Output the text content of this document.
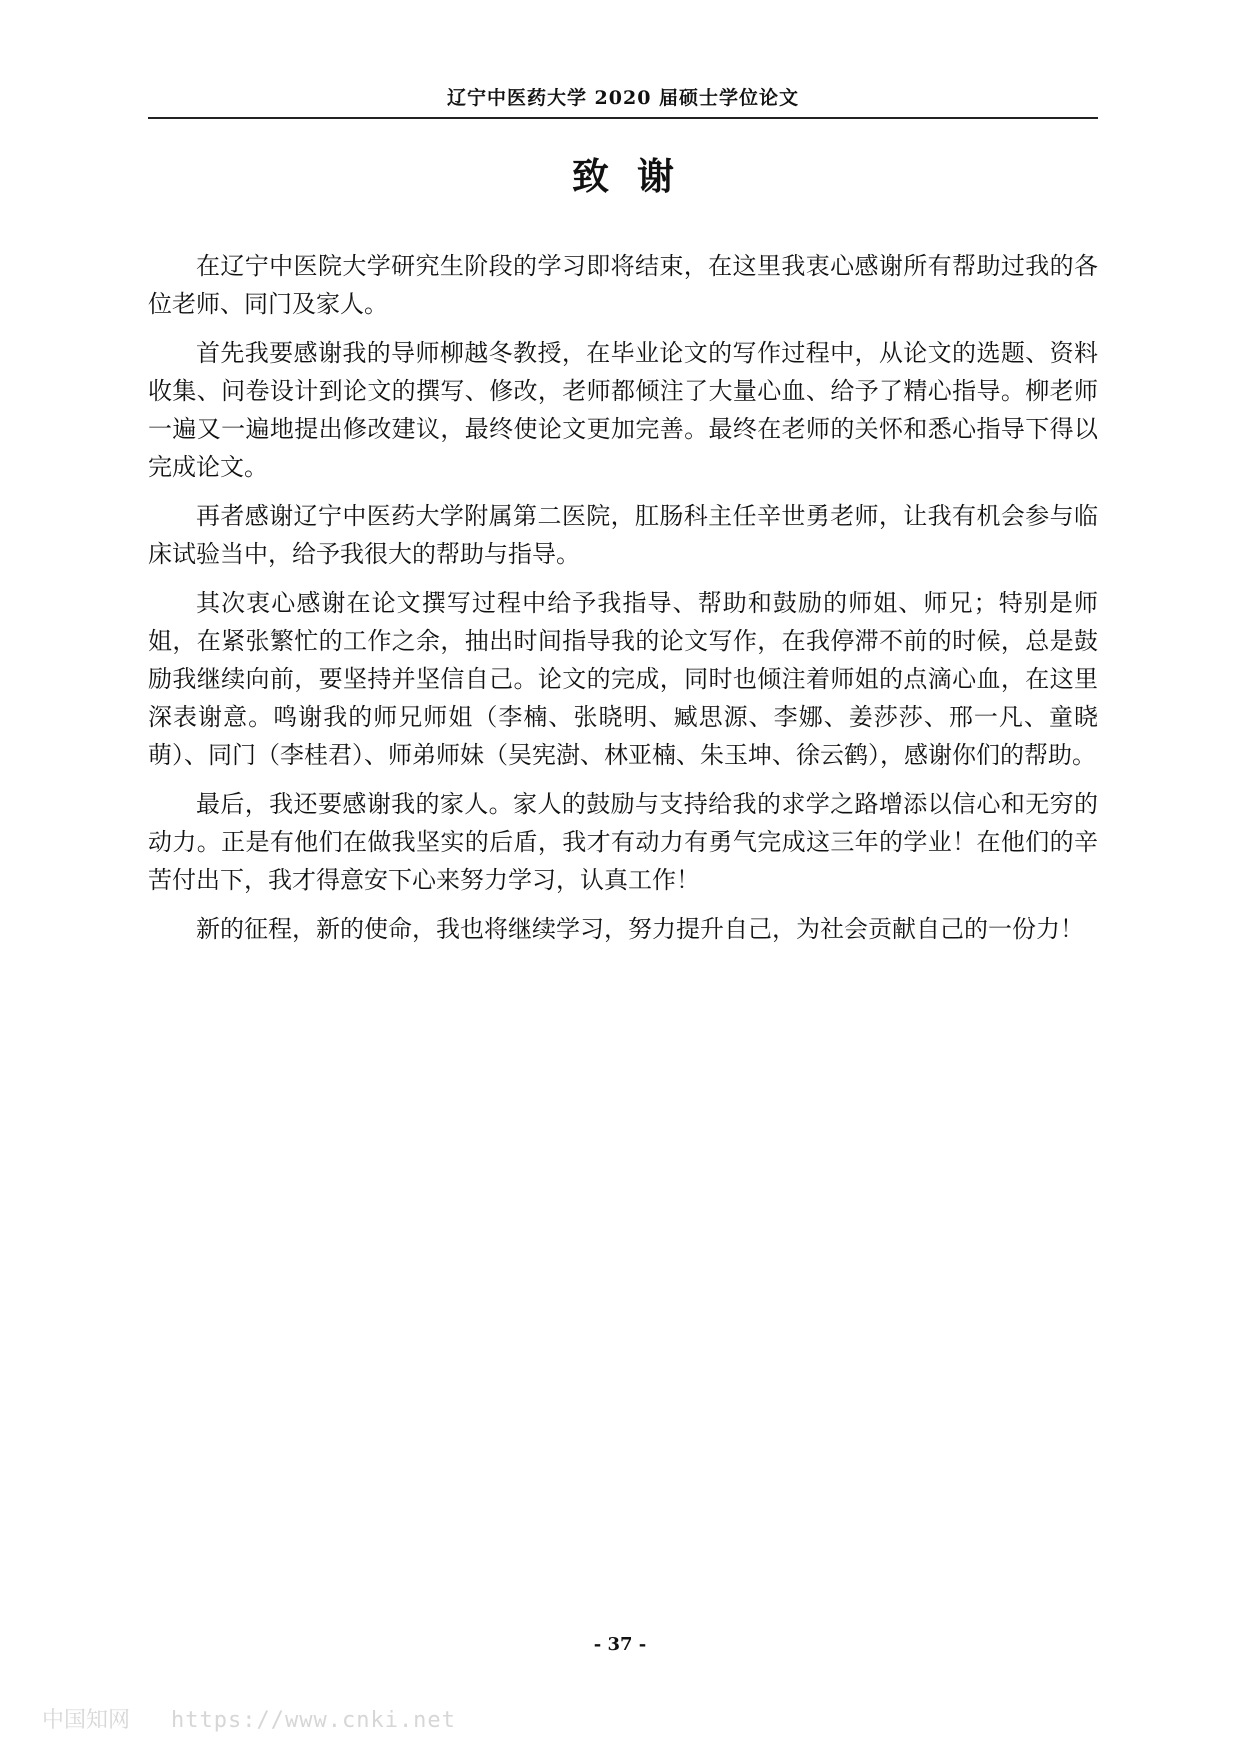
辽宁中医药大学 2020 届硕士学位论文
致谢

在辽宁中医院大学研究生阶段的学习即将结束，在这里我衷心感谢所有帮助过我的各位老师、同门及家人。

首先我要感谢我的导师柳越冬教授，在毕业论文的写作过程中，从论文的选题、资料收集、问卷设计到论文的撰写、修改，老师都倾注了大量心血、给予了精心指导。柳老师一遍又一遍地提出修改建议，最终使论文更加完善。最终在老师的关怀和悉心指导下得以完成论文。

再者感谢辽宁中医药大学附属第二医院，肛肠科主任辛世勇老师，让我有机会参与临床试验当中，给予我很大的帮助与指导。

其次衷心感谢在论文撰写过程中给予我指导、帮助和鼓励的师姐、师兄；特别是师姐，在紧张繁忙的工作之余，抽出时间指导我的论文写作，在我停滞不前的时候，总是鼓励我继续向前，要坚持并坚信自己。论文的完成，同时也倾注着师姐的点滴心血，在这里深表谢意。鸣谢我的师兄师姐（李楠、张晓明、臧思源、李娜、姜莎莎、邢一凡、童晓萌）、同门（李桂君）、师弟师妹（吴宪澍、林亚楠、朱玉坤、徐云鹤），感谢你们的帮助。

最后，我还要感谢我的家人。家人的鼓励与支持给我的求学之路增添以信心和无穷的动力。正是有他们在做我坚实的后盾，我才有动力有勇气完成这三年的学业！在他们的辛苦付出下，我才得意安下心来努力学习，认真工作！

新的征程，新的使命，我也将继续学习，努力提升自己，为社会贡献自己的一份力！

- 37 -
中国知网 https://www.cnki.net
